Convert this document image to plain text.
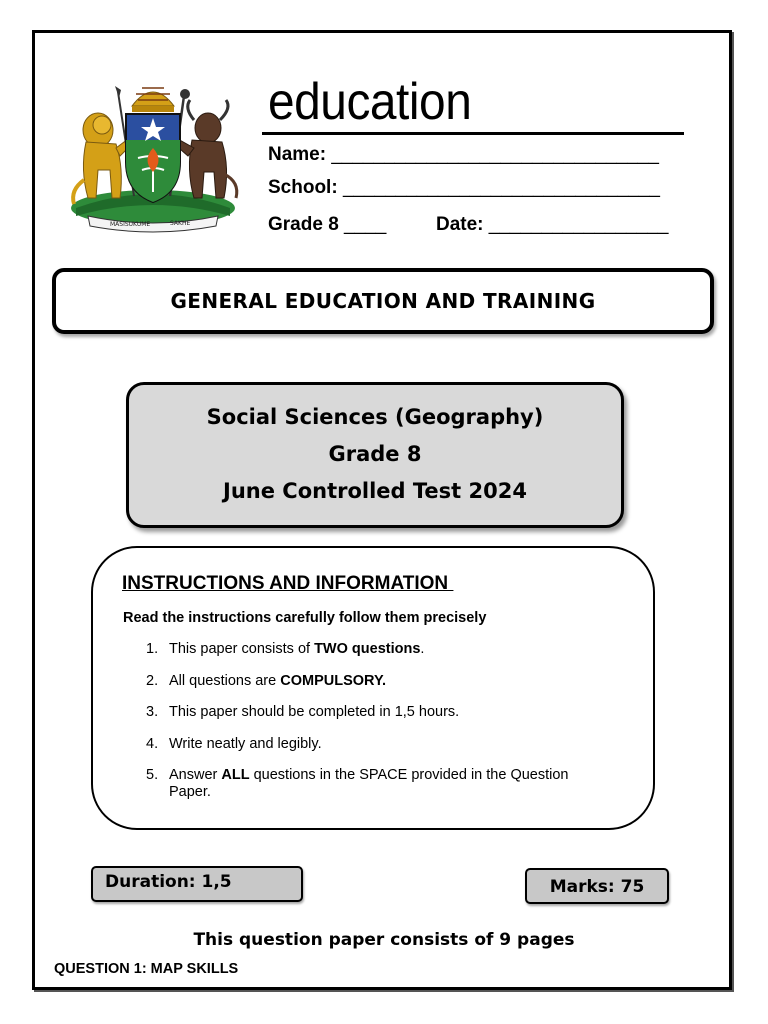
MASISUKUME	SAKHE
education
Name: _______________________________
School: ______________________________
Grade 8 ____	Date: _________________
GENERAL EDUCATION AND TRAINING
Social Sciences (Geography)
Grade 8
June Controlled Test 2024
INSTRUCTIONS AND INFORMATION
Read the instructions carefully follow them precisely
1. This paper consists of TWO questions.
2. All questions are COMPULSORY.
3. This paper should be completed in 1,5 hours.
4. Write neatly and legibly.
5. Answer ALL questions in the SPACE provided in the Question Paper.
Duration: 1,5	Marks: 75
This question paper consists of 9 pages
QUESTION 1: MAP SKILLS
